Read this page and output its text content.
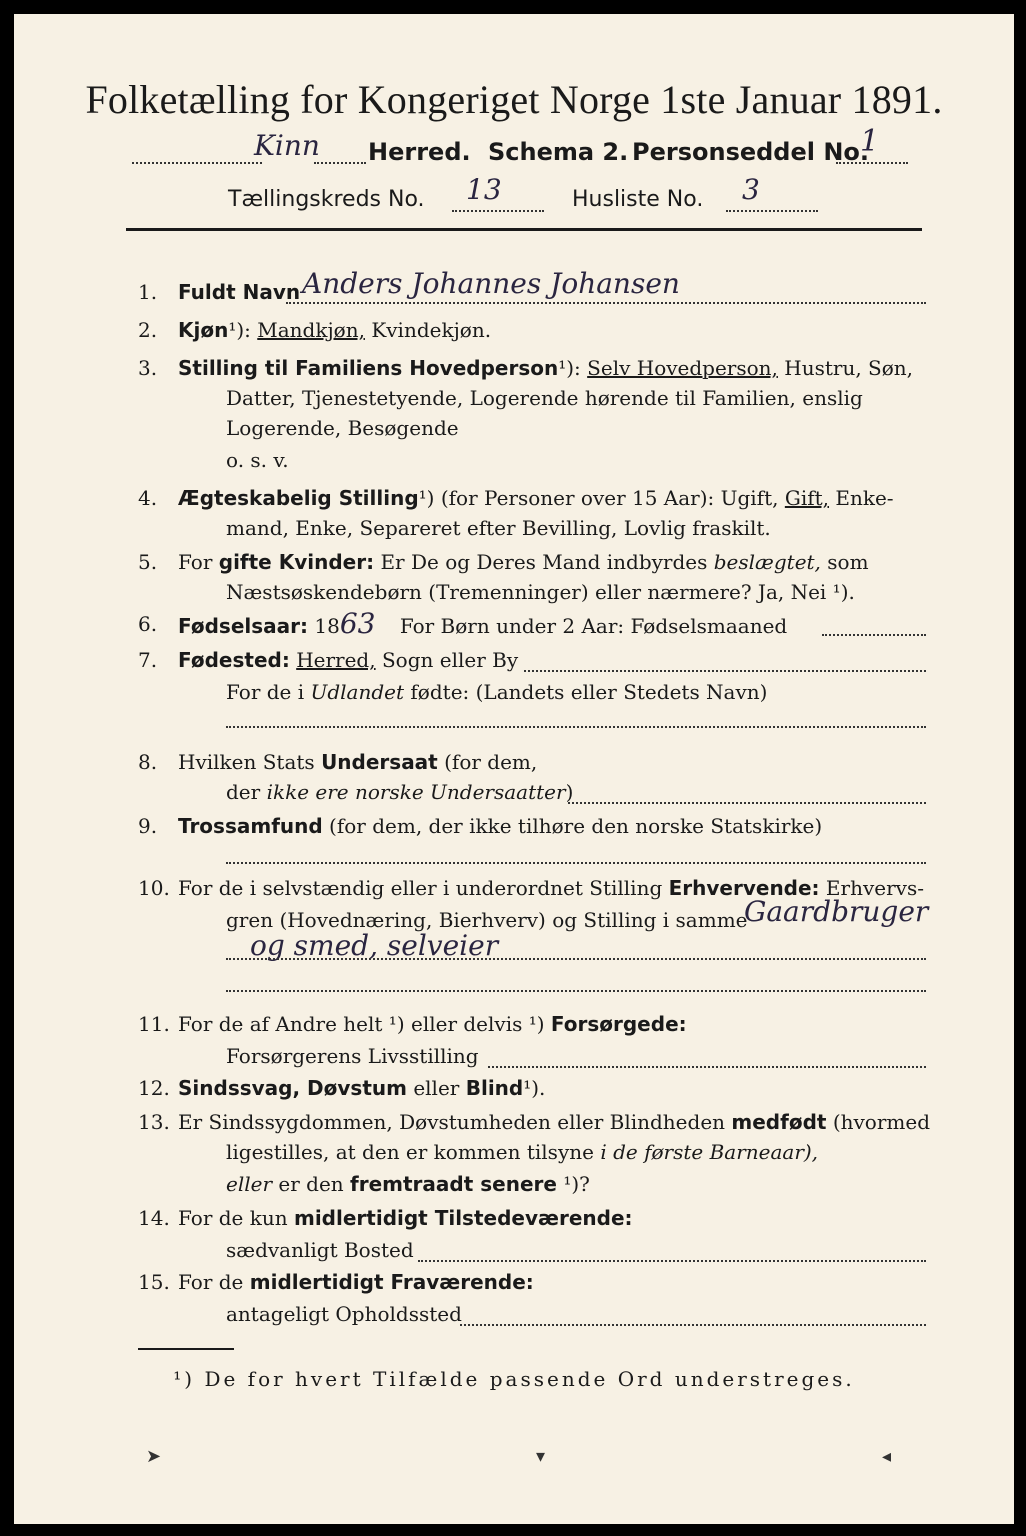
Folketælling for Kongeriget Norge 1ste Januar 1891.
Kinn Herred. Schema 2. Personseddel No.
1
Tællingskreds No. 13	Husliste No. 3
1.	Fuldt Navn Anders Johannes Johansen
2.	Kjøn¹): Mandkjøn, Kvindekjøn.
3.	Stilling til Familiens Hovedperson¹): Selv Hovedperson, Hustru, Søn,
Datter, Tjenestetyende, Logerende hørende til Familien, enslig
Logerende, Besøgende
o. s. v.
4.	Ægteskabelig Stilling¹) (for Personer over 15 Aar): Ugift, Gift, Enke-
mand, Enke, Separeret efter Bevilling, Lovlig fraskilt.
5.	For gifte Kvinder: Er De og Deres Mand indbyrdes beslægtet, som
Næstsøskendebørn (Tremenninger) eller nærmere? Ja, Nei ¹).
6.	Fødselsaar: 1863 For Børn under 2 Aar: Fødselsmaaned
7.	Fødested: Herred, Sogn eller By
For de i Udlandet fødte: (Landets eller Stedets Navn)
8.	Hvilken Stats Undersaat (for dem,
der ikke ere norske Undersaatter)
9.	Trossamfund (for dem, der ikke tilhøre den norske Statskirke)
10. For de i selvstændig eller i underordnet Stilling Erhvervende: Erhvervs-
gren (Hovednæring, Bierhverv) og Stilling i samme
Gaardbruger
og smed, selveier
11. For de af Andre helt ¹) eller delvis ¹) Forsørgede:
Forsørgerens Livsstilling
12. Sindssvag, Døvstum eller Blind¹).
13. Er Sindssygdommen, Døvstumheden eller Blindheden medfødt (hvormed
ligestilles, at den er kommen tilsyne i de første Barneaar),
eller er den fremtraadt senere ¹)?
14. For de kun midlertidigt Tilstedeværende:
sædvanligt Bosted
15. For de midlertidigt Fraværende:
antageligt Opholdssted
¹) De for hvert Tilfælde passende Ord understreges.
➤	▾	◂
